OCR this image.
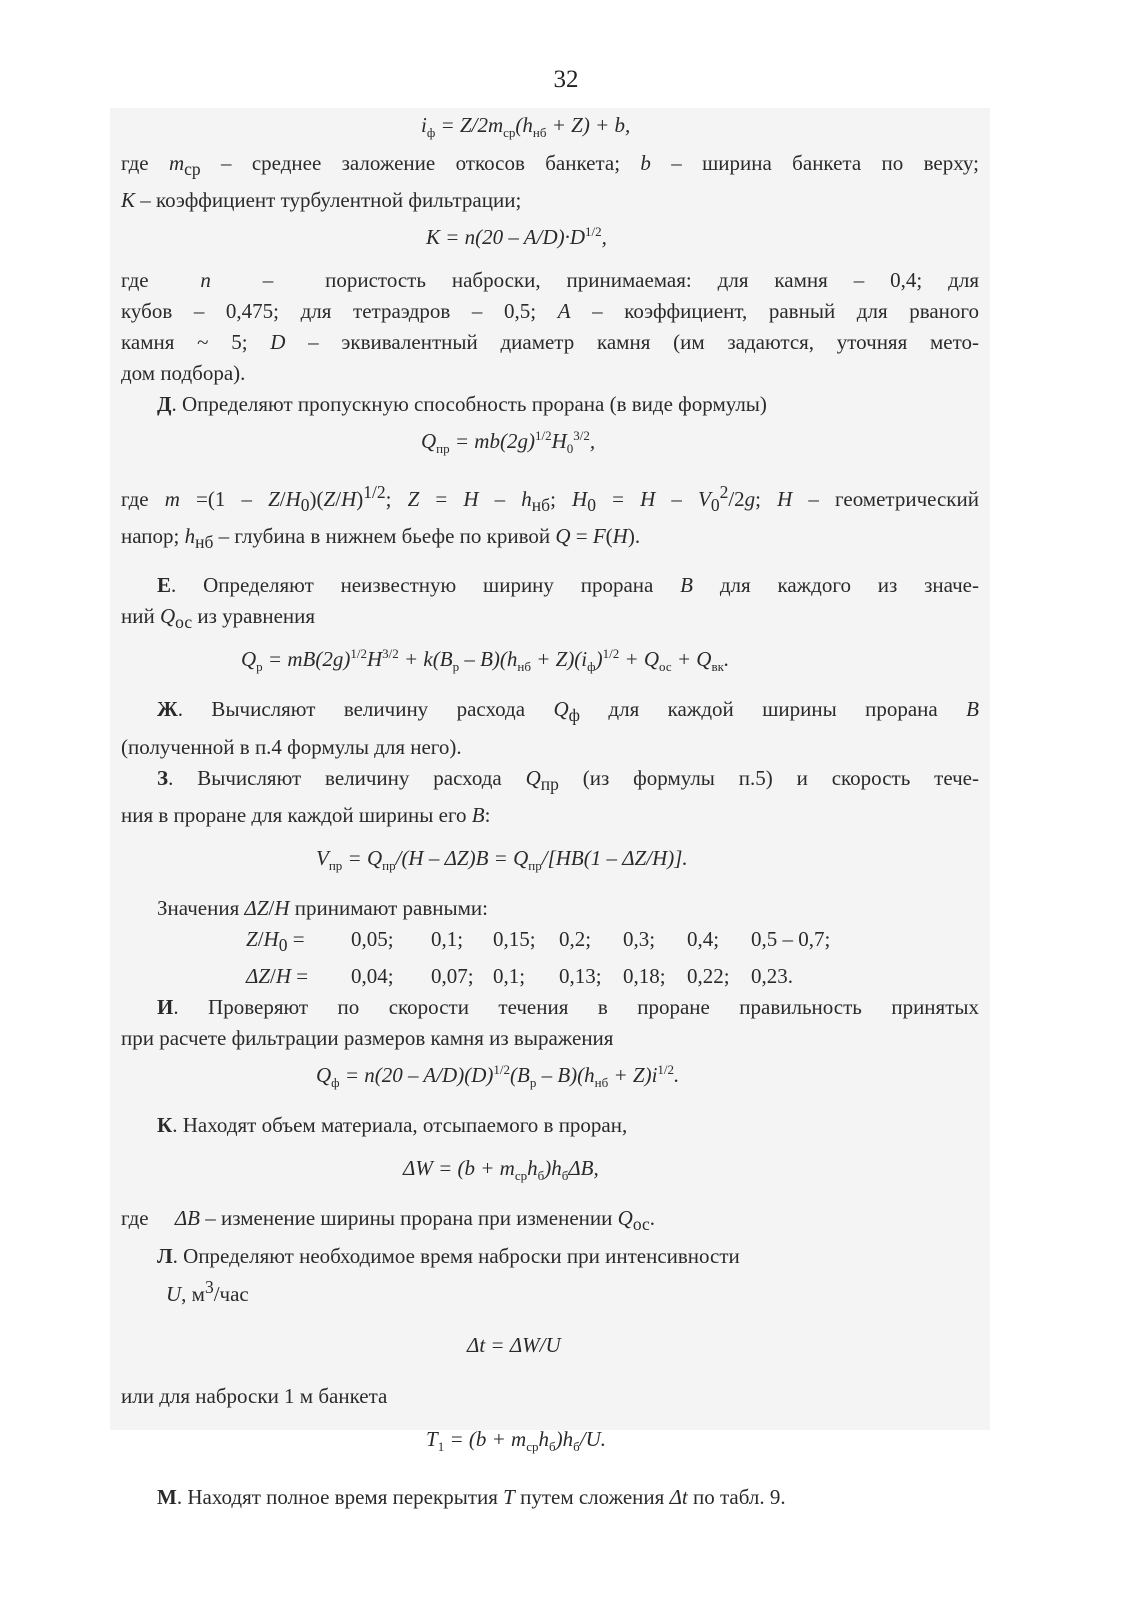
32
$i_ф = Z/2m_{ср}(h_{нб} + Z) + b$,
где $m_{ср}$ – среднее заложение откосов банкета; b – ширина банкета по верху;
K – коэффициент турбулентной фильтрации;
$K = n(20 - A/D)\cdot D^{1/2}$,
где  n  –  пористость наброски, принимаемая: для камня – 0,4; для
кубов – 0,475; для тетраэдров – 0,5; A – коэффициент, равный для рваного
камня ~ 5; D – эквивалентный диаметр камня (им задаются, уточняя мето-
дом подбора).
Д. Определяют пропускную способность прорана (в виде формулы)
$Q_{пр} = mb(2g)^{1/2}H_0^{3/2}$,
где $m =(1 - Z/H_0)(Z/H)^{1/2}$; $Z = H - h_{нб}$; $H_0 = H - V_0^2/2g$; H – геометрический
напор; $h_{нб}$ – глубина в нижнем бьефе по кривой Q = F(H).
Е. Определяют неизвестную ширину прорана B для каждого из значе-
ний $Q_{ос}$ из уравнения
$Q_р = mB(2g)^{1/2}H^{3/2} + k(B_р - B)(h_{нб} + Z)(i_ф)^{1/2} + Q_{ос} + Q_{вк}$.
Ж. Вычисляют величину расхода $Q_ф$ для каждой ширины прорана B
(полученной в п.4 формулы для него).
З. Вычисляют величину расхода $Q_{пр}$ (из формулы п.5) и скорость тече-
ния в проране для каждой ширины его B:
$V_{пр} = Q_{пр}/(H - \Delta Z)B = Q_{пр}/[HB(1 - \Delta Z/H)]$.
Значения ΔZ/H принимают равными:
$Z/H_0 = 0,05$; 0,1; 0,15; 0,2; 0,3; 0,4; 0,5 – 0,7;
ΔZ/H = 0,04; 0,07; 0,1; 0,13; 0,18; 0,22; 0,23.
И. Проверяют по скорости течения в проране правильность принятых
при расчете фильтрации размеров камня из выражения
$Q_ф = n(20 - A/D)(D)^{1/2}(B_р - B)(h_{нб} + Z)i^{1/2}$.
К. Находят объем материала, отсыпаемого в проран,
$\Delta W = (b + m_{ср}h_б)h_б\Delta B$,
где     ΔB – изменение ширины прорана при изменении $Q_{ос}$.
Л. Определяют необходимое время наброски при интенсивности
U, $м^3$/час
Δt = ΔW/U
или для наброски 1 м банкета
$T_1 = (b + m_{ср}h_б)h_б/U$.
М. Находят полное время перекрытия T путем сложения Δt по табл. 9.
